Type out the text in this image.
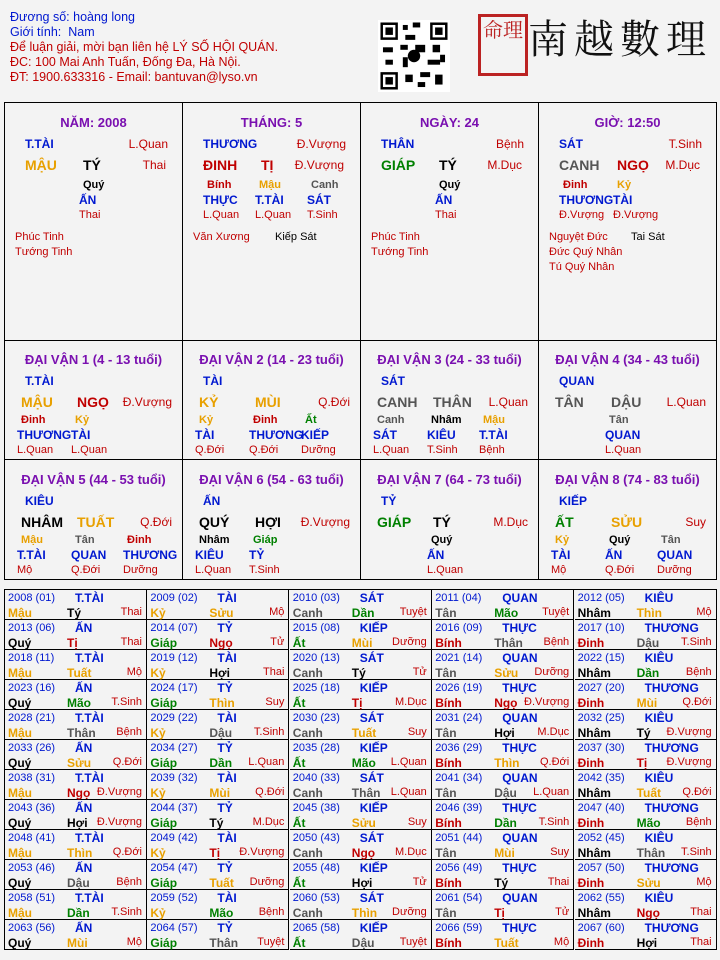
Đương số: hoàng long
Giới tính: Nam
Để luận giải, mời bạn liên hệ LÝ SỐ HỘI QUÁN.
ĐC: 100 Mai Anh Tuấn, Đống Đa, Hà Nội.
ĐT: 1900.633316 - Email: bantuvan@lyso.vn
命理 南越數理
NĂM: 2008
T.TÀI	L.Quan
MẬU TÝ	Thai
Quý
ẤN
Thai
Phúc Tinh
Tướng Tinh
THÁNG: 5
THƯƠNG	Đ.Vượng
ĐINH TỊ Đ.Vượng
Bính
THỰC
L.Quan
Mậu
T.TÀI
L.Quan
Canh
SÁT
T.Sinh
Văn Xương Kiếp Sát
NGÀY: 24
THÂN	Bệnh
GIÁP TÝ	M.Dục
Quý
ẤN
Thai
Phúc Tinh
Tướng Tinh
GIỜ: 12:50
SÁT	T.Sinh
CANH NGỌ M.Dục
Đinh
THƯƠNG
Đ.Vượng
Kỷ
TÀI
Đ.Vượng
Nguyệt Đức
Đức Quý Nhân
Tú Quý Nhân
Tai Sát
ĐẠI VẬN 1 (4 - 13 tuổi)
T.TÀI
MẬU NGỌ Đ.Vượng
Đinh
THƯƠNG
L.Quan
Kỷ
TÀI
L.Quan
ĐẠI VẬN 2 (14 - 23 tuổi)
TÀI
KỶ	MÙI	Q.Đới
Kỷ
TÀI
Q.Đới
Đinh
THƯƠNG
Q.Đới
Ất
KIẾP
Dưỡng
ĐẠI VẬN 3 (24 - 33 tuổi)
SÁT
CANH THÂN L.Quan
Canh
SÁT
L.Quan
Nhâm
KIÊU
T.Sinh
Mậu
T.TÀI
Bệnh
ĐẠI VẬN 4 (34 - 43 tuổi)
QUAN
TÂN DẬU L.Quan
Tân
QUAN
L.Quan
ĐẠI VẬN 5 (44 - 53 tuổi)
KIÊU
NHÂM TUẤT Q.Đới
Mậu
T.TÀI
Mộ
Tân
QUAN
Q.Đới
Đinh
THƯƠNG
Dưỡng
ĐẠI VẬN 6 (54 - 63 tuổi)
ẤN
QUÝ HỢI Đ.Vượng
Nhâm
KIÊU
L.Quan
Giáp
TỶ
T.Sinh
ĐẠI VẬN 7 (64 - 73 tuổi)
TỶ
GIÁP TÝ	M.Dục
Quý
ẤN
L.Quan
ĐẠI VẬN 8 (74 - 83 tuổi)
KIẾP
ẤT	SỬU	Suy
Kỷ
TÀI
Mộ
Quý
ẤN
Q.Đới
Tân
QUAN
Dưỡng
2008 (01) T.TÀI
Mậu	Tý	Thai
2009 (02) TÀI
Kỷ	Sửu	Mộ
2010 (03) SÁT
Canh Dần Tuyệt
2011 (04) QUAN
Tân	Mão Tuyệt
2012 (05) KIÊU
Nhâm Thìn	Mộ
2013 (06) ẤN
Quý	Tị	Thai
2014 (07) TỶ
Giáp	Ngọ	Tử
2015 (08) KIẾP
Ất	Mùi Dưỡng
2016 (09) THỰC
Bính	Thân Bệnh
2017 (10) THƯƠNG
Đinh	Dậu T.Sinh
2018 (11) T.TÀI
Mậu	Tuất	Mộ
2019 (12) TÀI
Kỷ	Hợi	Thai
2020 (13) SÁT
Canh Tý	Tử
2021 (14) QUAN
Tân	Sửu Dưỡng
2022 (15) KIÊU
Nhâm Dần Bệnh
2023 (16) ẤN
Quý	Mão T.Sinh
2024 (17) TỶ
Giáp	Thìn	Suy
2025 (18) KIẾP
Ất	Tị	M.Dục
2026 (19) THỰC
Bính	Ngọ Đ.Vượng
2027 (20) THƯƠNG
Đinh	Mùi Q.Đới
2028 (21) T.TÀI
Mậu	Thân Bệnh
2029 (22) TÀI
Kỷ	Dậu T.Sinh
2030 (23) SÁT
Canh Tuất	Suy
2031 (24) QUAN
Tân	Hợi M.Dục
2032 (25) KIÊU
Nhâm Tý Đ.Vượng
2033 (26) ẤN
Quý	Sửu Q.Đới
2034 (27) TỶ
Giáp	Dần L.Quan
2035 (28) KIẾP
Ất	Mão L.Quan
2036 (29) THỰC
Bính	Thìn Q.Đới
2037 (30) THƯƠNG
Đinh	Tị Đ.Vượng
2038 (31) T.TÀI
Mậu	Ngọ Đ.Vượng
2039 (32) TÀI
Kỷ	Mùi Q.Đới
2040 (33) SÁT
Canh Thân L.Quan
2041 (34) QUAN
Tân	Dậu L.Quan
2042 (35) KIÊU
Nhâm Tuất Q.Đới
2043 (36) ẤN
Quý	Hợi Đ.Vượng
2044 (37) TỶ
Giáp	Tý	M.Dục
2045 (38) KIẾP
Ất	Sửu	Suy
2046 (39) THỰC
Bính	Dần T.Sinh
2047 (40) THƯƠNG
Đinh	Mão Bệnh
2048 (41) T.TÀI
Mậu	Thìn Q.Đới
2049 (42) TÀI
Kỷ	Tị Đ.Vượng
2050 (43) SÁT
Canh Ngọ M.Dục
2051 (44) QUAN
Tân	Mùi	Suy
2052 (45) KIÊU
Nhâm Thân T.Sinh
2053 (46) ẤN
Quý	Dậu Bệnh
2054 (47) TỶ
Giáp	Tuất Dưỡng
2055 (48) KIẾP
Ất	Hợi	Tử
2056 (49) THỰC
Bính	Tý	Thai
2057 (50) THƯƠNG
Đinh	Sửu	Mộ
2058 (51) T.TÀI
Mậu	Dần T.Sinh
2059 (52) TÀI
Kỷ	Mão Bệnh
2060 (53) SÁT
Canh Thìn Dưỡng
2061 (54) QUAN
Tân	Tị	Tử
2062 (55) KIÊU
Nhâm Ngọ	Thai
2063 (56) ẤN
Quý	Mùi	Mộ
2064 (57) TỶ
Giáp	Thân Tuyệt
2065 (58) KIẾP
Ất	Dậu Tuyệt
2066 (59) THỰC
Bính	Tuất	Mộ
2067 (60) THƯƠNG
Đinh	Hợi	Thai
